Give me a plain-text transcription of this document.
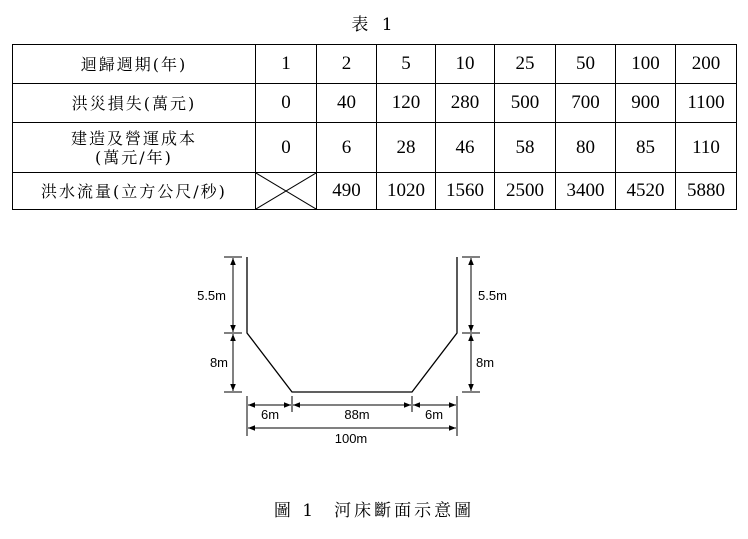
表 1
迴歸週期(年)	1	2	5	10	25	50	100	200
洪災損失(萬元)	0	40	120	280	500	700	900	1100

建造及營運成本
(萬元/年)	0	6	28	46	58	80	85	110
洪水流量(立方公尺/秒)		490	1020	1560	2500	3400	4520	5880
5.5m
8m
5.5m
8m
6m	88m	6m
100m
圖 1 河床斷面示意圖
